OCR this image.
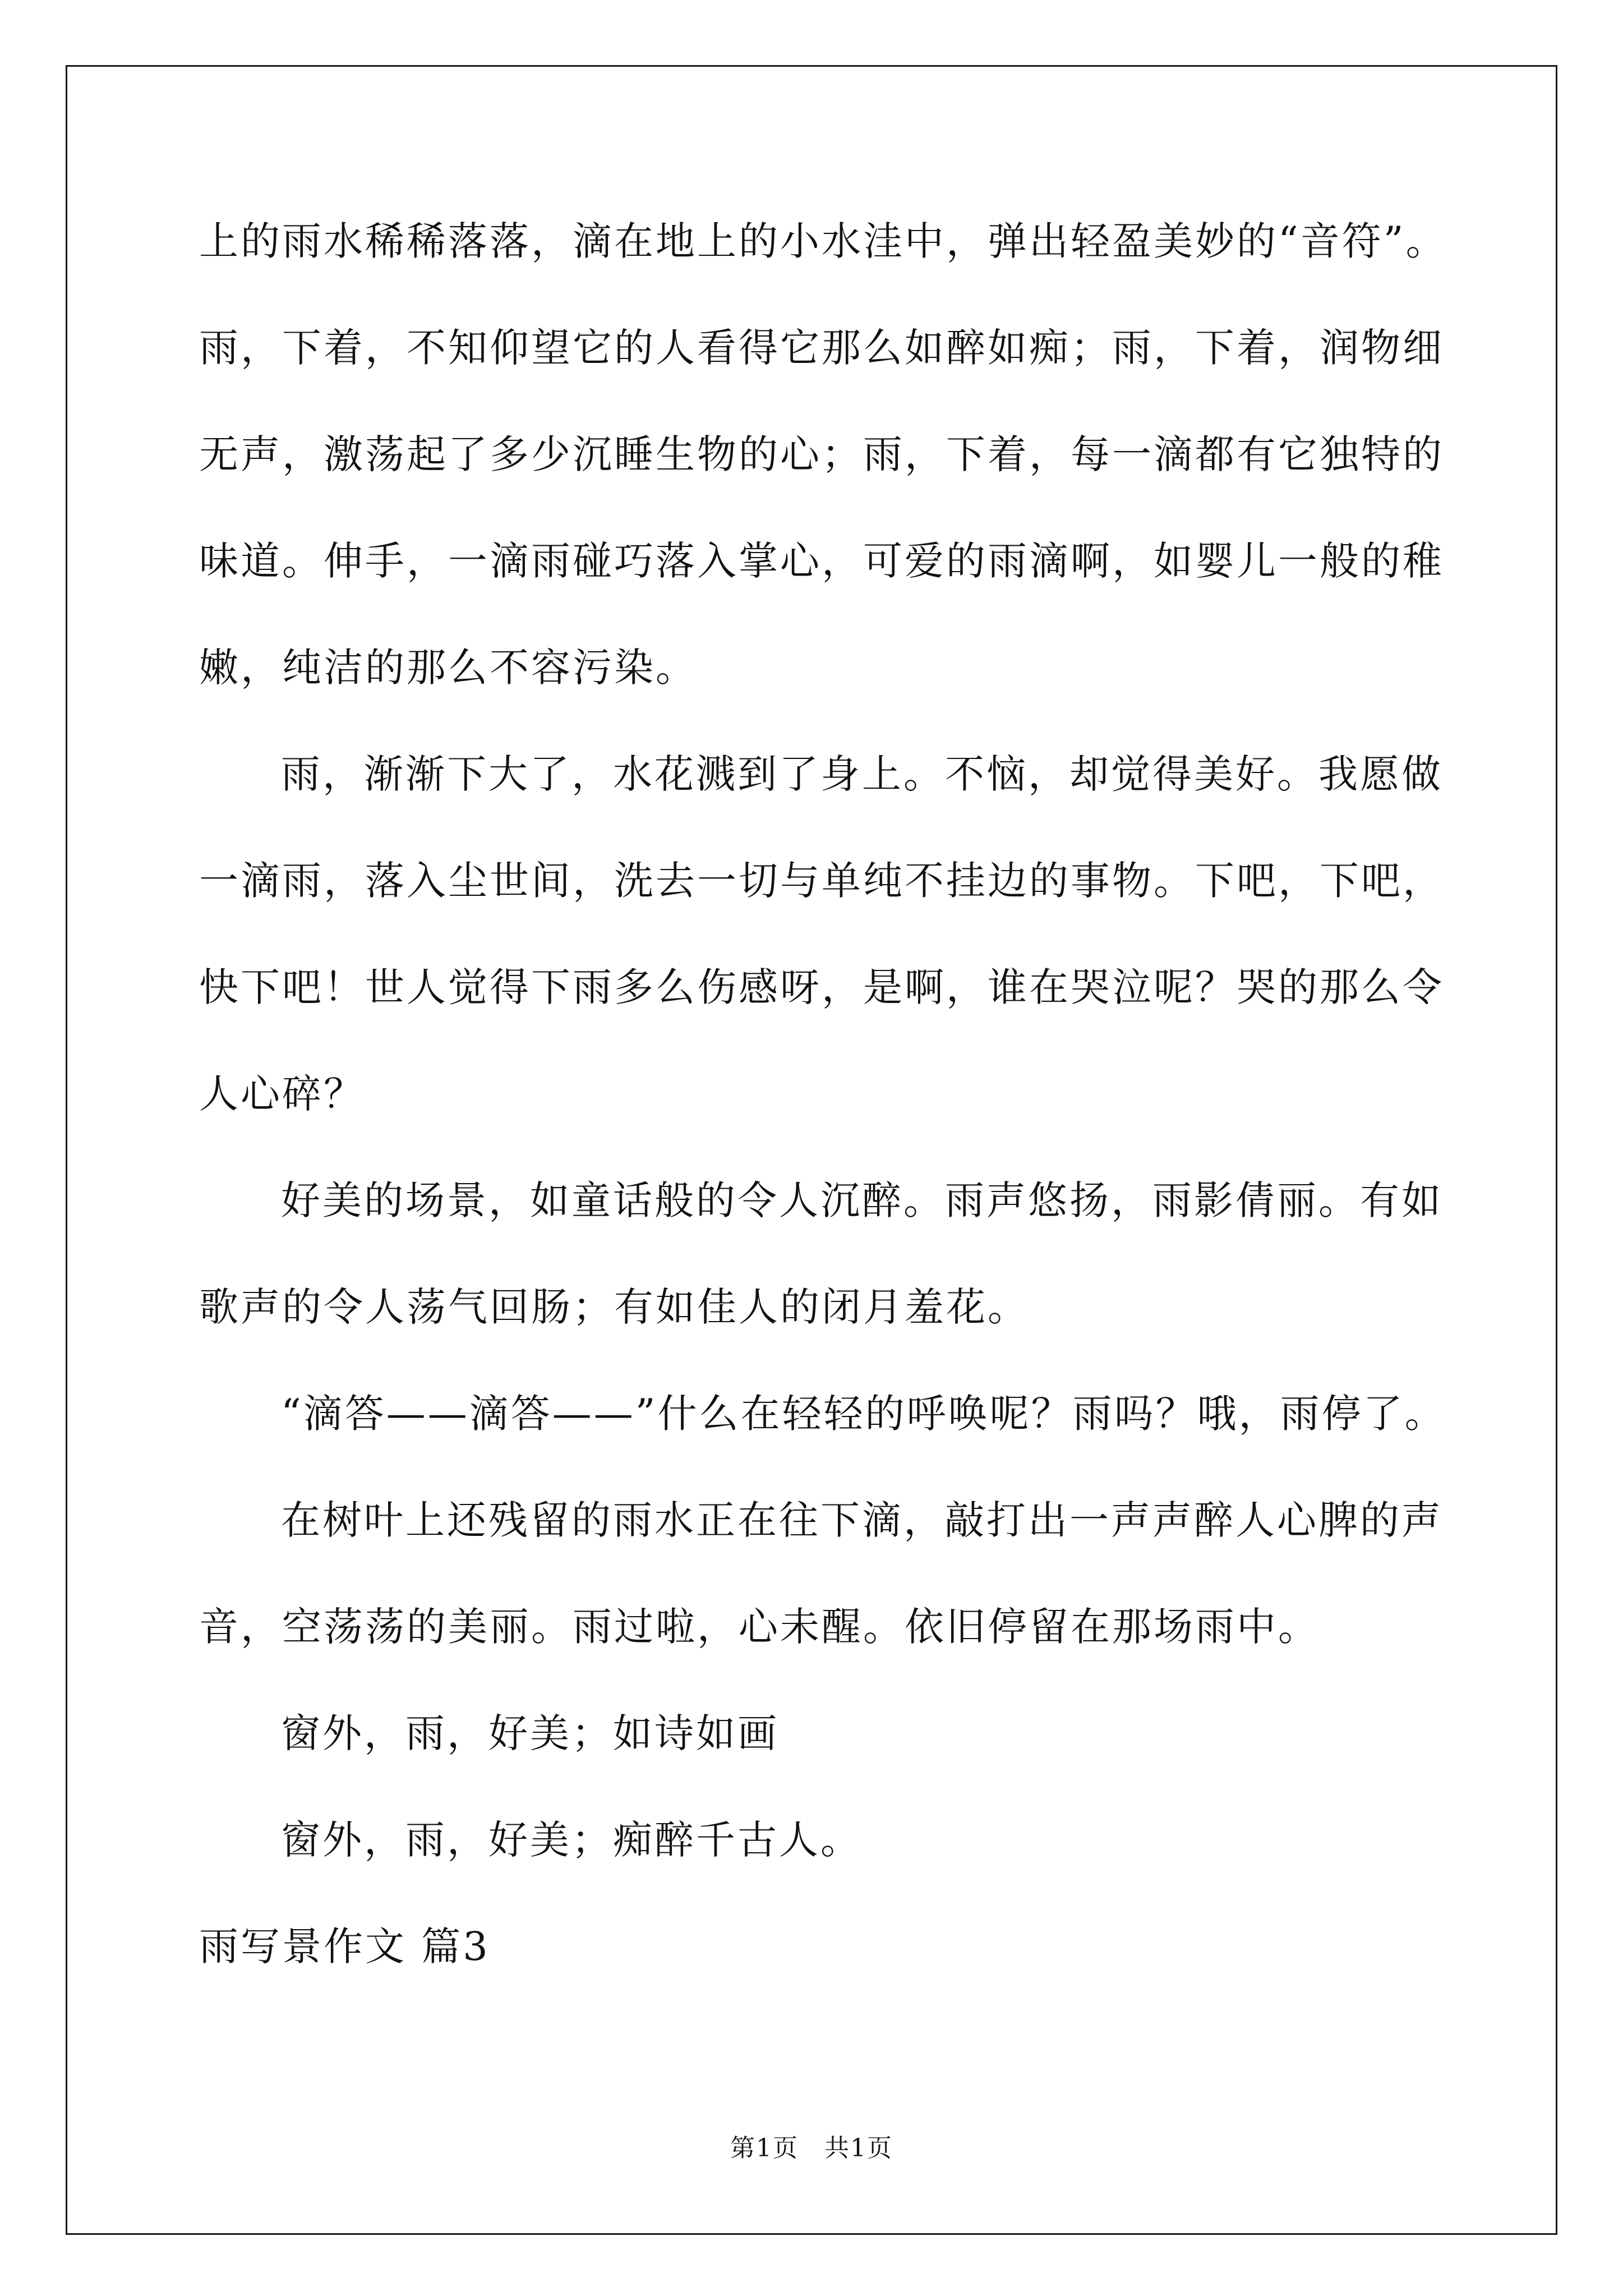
上的雨水稀稀落落，滴在地上的小水洼中，弹出轻盈美妙的“音符”。
雨，下着，不知仰望它的人看得它那么如醉如痴；雨，下着，润物细
无声，激荡起了多少沉睡生物的心；雨，下着，每一滴都有它独特的
味道。伸手，一滴雨碰巧落入掌心，可爱的雨滴啊，如婴儿一般的稚
嫩，纯洁的那么不容污染。
雨，渐渐下大了，水花溅到了身上。不恼，却觉得美好。我愿做
一滴雨，落入尘世间，洗去一切与单纯不挂边的事物。下吧，下吧，
快下吧！世人觉得下雨多么伤感呀，是啊，谁在哭泣呢？哭的那么令
人心碎？
好美的场景，如童话般的令人沉醉。雨声悠扬，雨影倩丽。有如
歌声的令人荡气回肠；有如佳人的闭月羞花。
“滴答——滴答——”什么在轻轻的呼唤呢？雨吗？哦，雨停了。
在树叶上还残留的雨水正在往下滴，敲打出一声声醉人心脾的声
音，空荡荡的美丽。雨过啦，心未醒。依旧停留在那场雨中。
窗外，雨，好美；如诗如画
窗外，雨，好美；痴醉千古人。
雨写景作文 篇3
第1页　共1页
